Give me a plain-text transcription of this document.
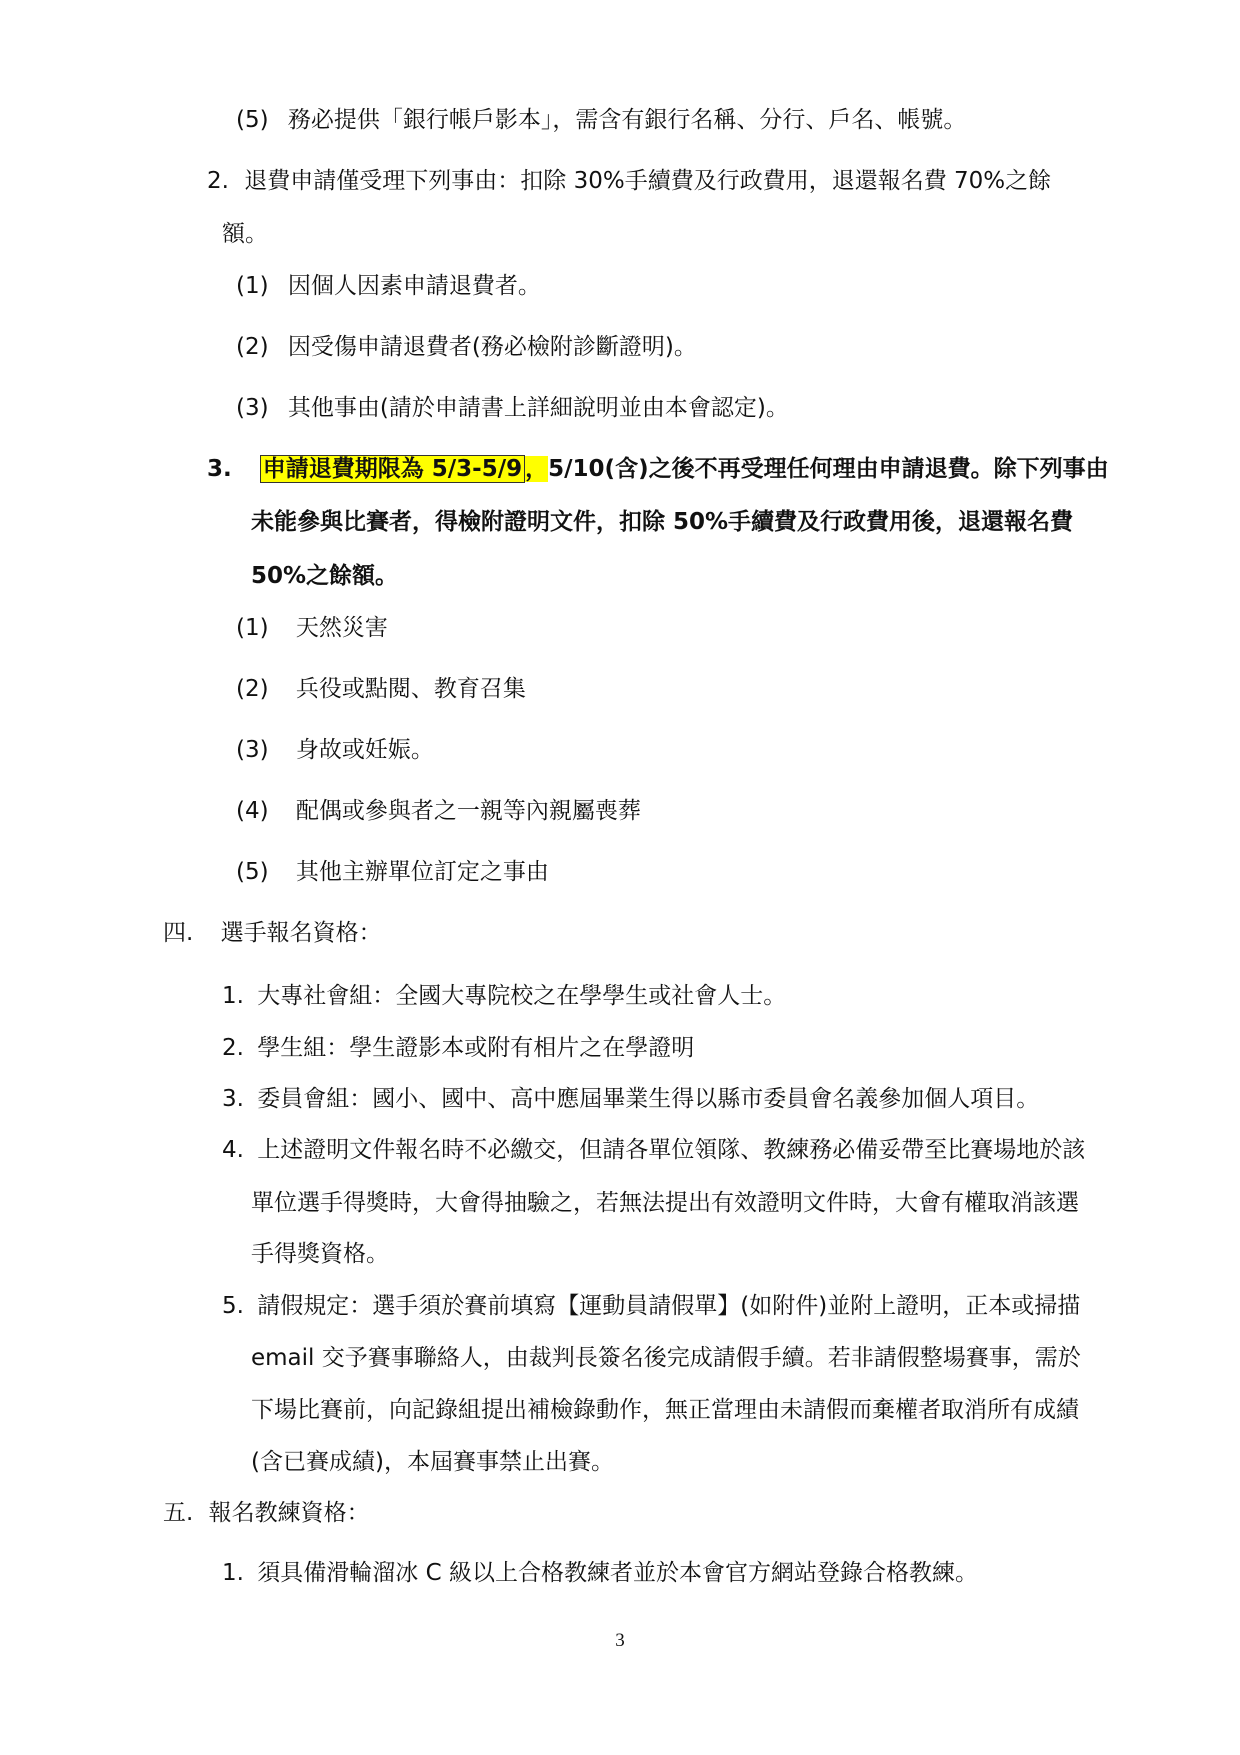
(5) 務必提供「銀行帳戶影本」，需含有銀行名稱、分行、戶名、帳號。
2. 退費申請僅受理下列事由：扣除 30%手續費及行政費用，退還報名費 70%之餘
額。
(1) 因個人因素申請退費者。
(2) 因受傷申請退費者(務必檢附診斷證明)。
(3) 其他事由(請於申請書上詳細說明並由本會認定)。
3. 申請退費期限為 5/3-5/9 ，5/10(含)之後不再受理任何理由申請退費。除下列事由
未能參與比賽者，得檢附證明文件，扣除 50%手續費及行政費用後，退還報名費
50%之餘額。
(1) 天然災害
(2) 兵役或點閱、教育召集
(3) 身故或妊娠。
(4) 配偶或參與者之一親等內親屬喪葬
(5) 其他主辦單位訂定之事由
四. 選手報名資格：
1. 大專社會組：全國大專院校之在學學生或社會人士。
2. 學生組：學生證影本或附有相片之在學證明
3. 委員會組：國小、國中、高中應屆畢業生得以縣市委員會名義參加個人項目。
4. 上述證明文件報名時不必繳交，但請各單位領隊、教練務必備妥帶至比賽場地於該
單位選手得獎時，大會得抽驗之，若無法提出有效證明文件時，大會有權取消該選
手得獎資格。
5. 請假規定：選手須於賽前填寫【運動員請假單】(如附件)並附上證明，正本或掃描
email 交予賽事聯絡人，由裁判長簽名後完成請假手續。若非請假整場賽事，需於
下場比賽前，向記錄組提出補檢錄動作，無正當理由未請假而棄權者取消所有成績
(含已賽成績)，本屆賽事禁止出賽。
五. 報名教練資格：
1. 須具備滑輪溜冰 C 級以上合格教練者並於本會官方網站登錄合格教練。
3
